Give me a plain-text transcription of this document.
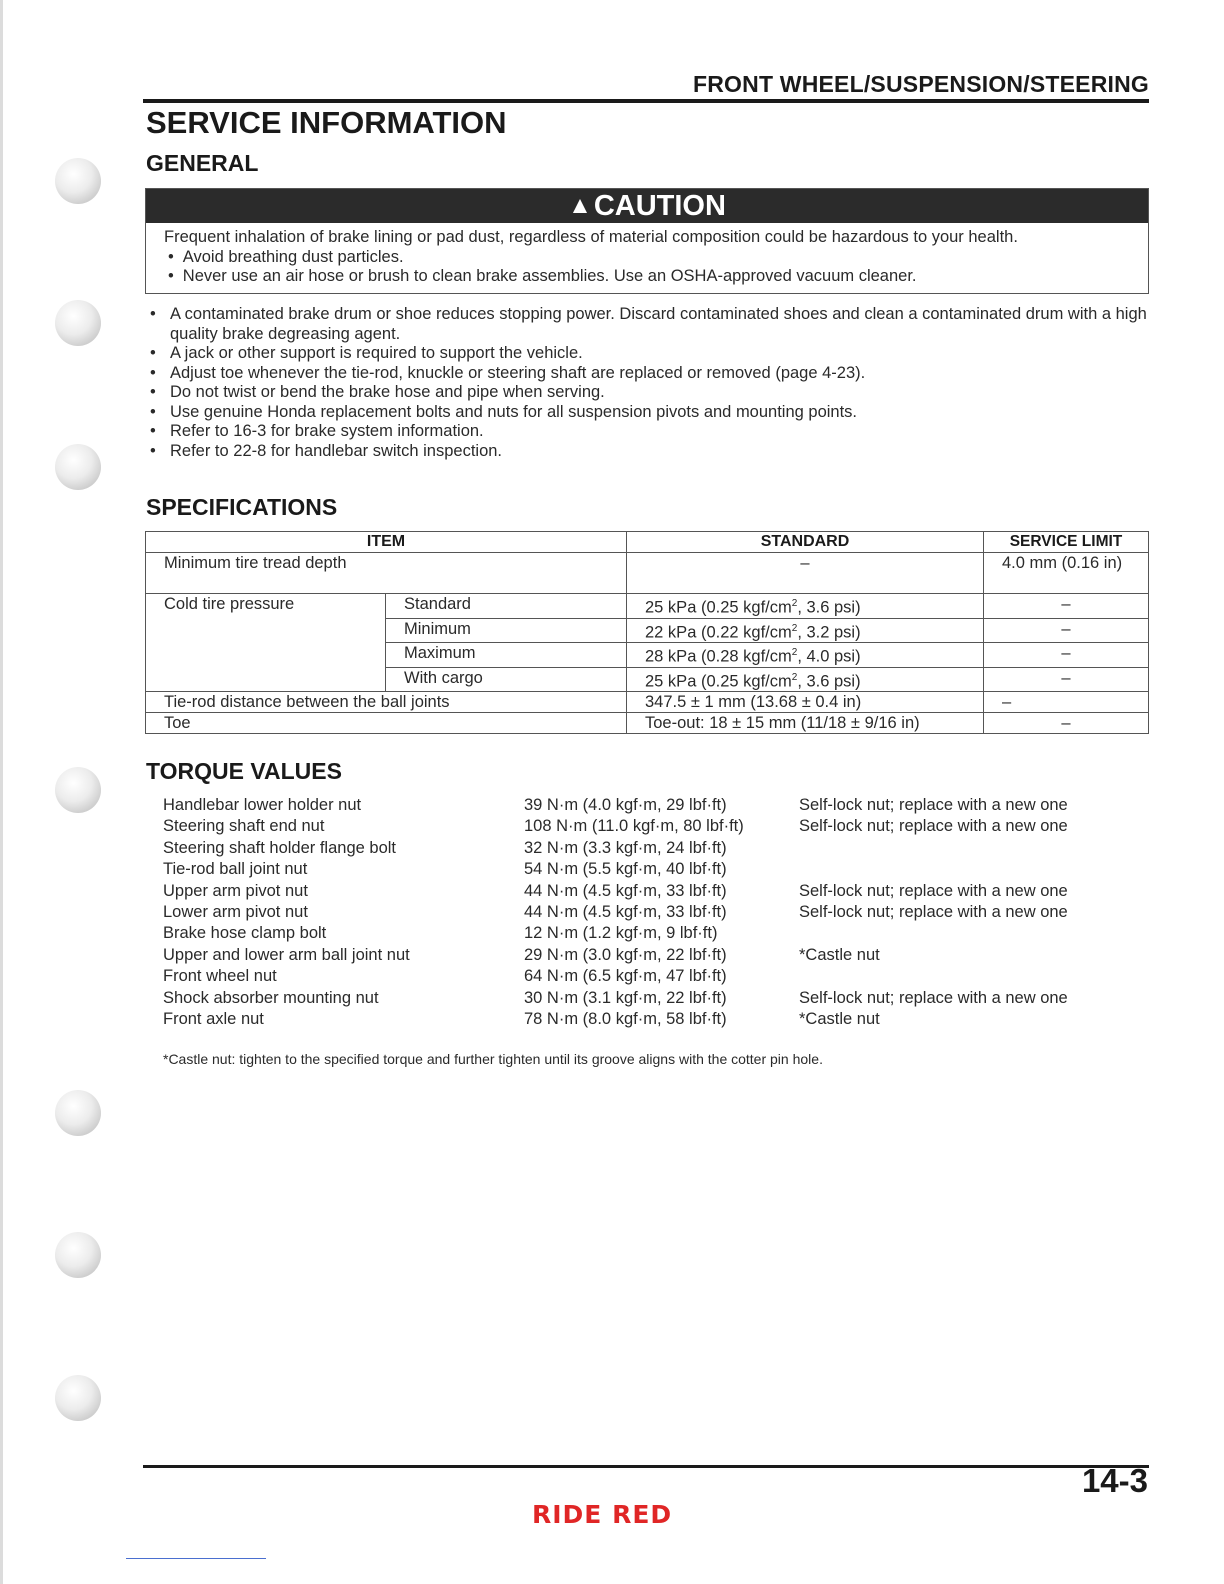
FRONT WHEEL/SUSPENSION/STEERING
SERVICE INFORMATION
GENERAL
▲CAUTION
Frequent inhalation of brake lining or pad dust, regardless of material composition could be hazardous to your health.
• Avoid breathing dust particles.
• Never use an air hose or brush to clean brake assemblies. Use an OSHA-approved vacuum cleaner.
• A contaminated brake drum or shoe reduces stopping power. Discard contaminated shoes and clean a contaminated drum with a high quality brake degreasing agent.
• A jack or other support is required to support the vehicle.
• Adjust toe whenever the tie-rod, knuckle or steering shaft are replaced or removed (page 4-23).
• Do not twist or bend the brake hose and pipe when serving.
• Use genuine Honda replacement bolts and nuts for all suspension pivots and mounting points.
• Refer to 16-3 for brake system information.
• Refer to 22-8 for handlebar switch inspection.
SPECIFICATIONS
ITEM		STANDARD	SERVICE LIMIT
Minimum tire tread depth		–	4.0 mm (0.16 in)
Cold tire pressure	Standard	25 kPa (0.25 kgf/$cm^2$, 3.6 psi)	–
	Minimum	22 kPa (0.22 kgf/$cm^2$, 3.2 psi)	–
	Maximum	28 kPa (0.28 kgf/$cm^2$, 4.0 psi)	–
	With cargo	25 kPa (0.25 kgf/$cm^2$, 3.6 psi)	–
Tie-rod distance between the ball joints		347.5 ± 1 mm (13.68 ± 0.4 in)	–
Toe		Toe-out: 18 ± 15 mm (11/18 ± 9/16 in)	–
TORQUE VALUES
Handlebar lower holder nut	39 N·m (4.0 kgf·m, 29 lbf·ft)	Self-lock nut; replace with a new one
Steering shaft end nut	108 N·m (11.0 kgf·m, 80 lbf·ft)	Self-lock nut; replace with a new one
Steering shaft holder flange bolt	32 N·m (3.3 kgf·m, 24 lbf·ft)
Tie-rod ball joint nut	54 N·m (5.5 kgf·m, 40 lbf·ft)
Upper arm pivot nut	44 N·m (4.5 kgf·m, 33 lbf·ft)	Self-lock nut; replace with a new one
Lower arm pivot nut	44 N·m (4.5 kgf·m, 33 lbf·ft)	Self-lock nut; replace with a new one
Brake hose clamp bolt	12 N·m (1.2 kgf·m, 9 lbf·ft)
Upper and lower arm ball joint nut	29 N·m (3.0 kgf·m, 22 lbf·ft)	*Castle nut
Front wheel nut	64 N·m (6.5 kgf·m, 47 lbf·ft)
Shock absorber mounting nut	30 N·m (3.1 kgf·m, 22 lbf·ft)	Self-lock nut; replace with a new one
Front axle nut	78 N·m (8.0 kgf·m, 58 lbf·ft)	*Castle nut
*Castle nut: tighten to the specified torque and further tighten until its groove aligns with the cotter pin hole.
14-3
RIDE RED
